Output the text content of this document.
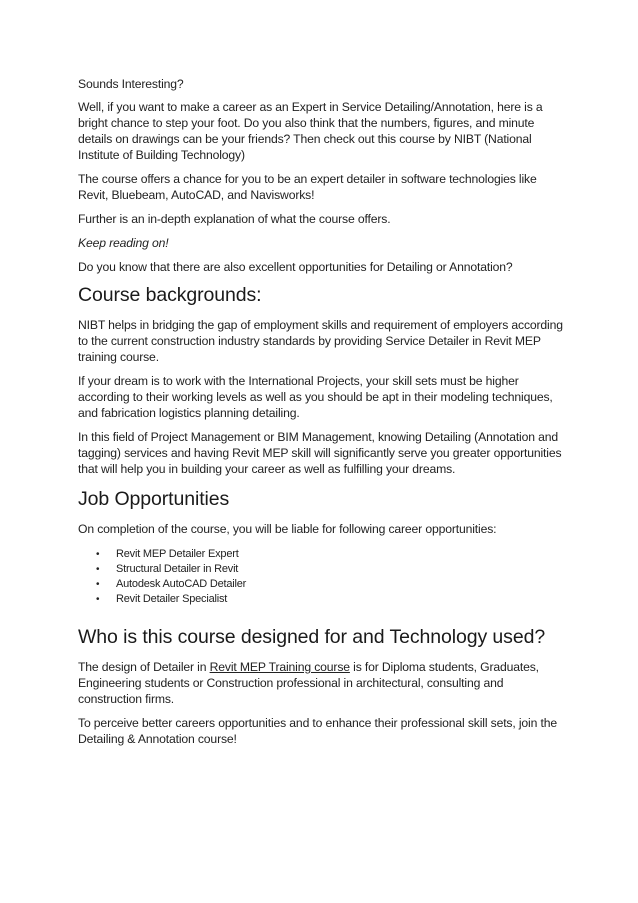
Sounds Interesting?

Well, if you want to make a career as an Expert in Service Detailing/Annotation, here is a bright chance to step your foot. Do you also think that the numbers, figures, and minute details on drawings can be your friends? Then check out this course by NIBT (National Institute of Building Technology)

The course offers a chance for you to be an expert detailer in software technologies like Revit, Bluebeam, AutoCAD, and Navisworks!

Further is an in-depth explanation of what the course offers.

Keep reading on!

Do you know that there are also excellent opportunities for Detailing or Annotation?

Course backgrounds:

NIBT helps in bridging the gap of employment skills and requirement of employers according to the current construction industry standards by providing Service Detailer in Revit MEP training course.

If your dream is to work with the International Projects, your skill sets must be higher according to their working levels as well as you should be apt in their modeling techniques, and fabrication logistics planning detailing.

In this field of Project Management or BIM Management, knowing Detailing (Annotation and tagging) services and having Revit MEP skill will significantly serve you greater opportunities that will help you in building your career as well as fulfilling your dreams.

Job Opportunities

On completion of the course, you will be liable for following career opportunities:

• Revit MEP Detailer Expert
• Structural Detailer in Revit
• Autodesk AutoCAD Detailer
• Revit Detailer Specialist
Who is this course designed for and Technology used?

The design of Detailer in Revit MEP Training course is for Diploma students, Graduates, Engineering students or Construction professional in architectural, consulting and construction firms.

To perceive better careers opportunities and to enhance their professional skill sets, join the Detailing & Annotation course!
